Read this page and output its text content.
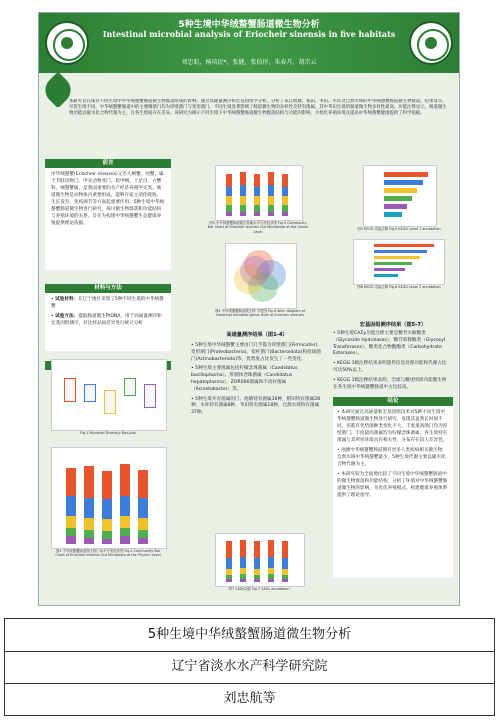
5种生境中华绒螯蟹肠道微生物分析
Intestinal microbial analysis of Eriocheir sinensis in five habitats
刘忠航，杨培民*，张健，张伯序，朱春月，胡宗云
本研究旨在探讨不同生境中中华绒螯蟹肠道微生物群落组成的影响。通过高通量测序和宏基因组学分析，分析了来自池塘、稻田、苇田、水库及自然水域的中华绒螯蟹肠道微生物群落。结果显示，尽管生境不同，中华绒螯蟹肠道中的主要细菌门均为厚壁菌门与变形菌门。不同生境显著影响了肠道微生物的多样性及特有菌属，其中苇田生境的肠道微生物多样性最高。功能注释显示，肠道微生物功能以碳水化合物代谢为主，且各生境间存在差异。该研究为揭示不同生境下中华绒螯蟹肠道微生物群落结构与功能的影响，为优化养殖环境及提高中华绒螯蟹健康提供了科学依据。
前言
中华绒螯蟹(Eriocheir sinensis)又名大闸蟹、河蟹，属于节肢动物门、甲壳动物亚门、软甲纲、十足目、方蟹科、绒螯蟹属，是我国重要的水产经济养殖甲壳类。肠道微生物是动物体内重要组成，能够在宿主消化吸收、生长发育、免疫调节等方面起重要作用。5种生境中华绒螯蟹肠道微生物进行研究，探讨微生物群落和功能结构与养殖环境的关系，旨在为构建中华绒螯蟹生态健康养殖提供理论依据。
材料与方法
• 试验材料：在辽宁地区采集了5种不同生境的中华绒螯蟹
• 试验方法：提取肠道微生物DNA，用于高通量测序和宏基因组测序，对比样品间差异进行统计分析
Fig.1 Microbial Diversity Box-plot
图2 中华绒螯蟹肠道微生物门水平分类柱状图 Fig.2 Community Bar Chart of Eriocheir sinensis Gut Microbiota at the Phylum Level
图3 中华绒螯蟹肠道微生物属水平分类柱状图 Fig.3 Community Bar Chart of Eriocheir sinensis Gut Microbiota at the Genus Level
图4 中华绒螯蟹肠道微生物 韦恩图 Fig.4 Venn diagram of intestinal microbial genus level of Eriocheir sinensis
图5 KEGG 功能注释 Fig.5 KEGG Level 1 annotation
图6 KEGG 功能注释 Fig.6 KEGG Level 2 annotation
图7 CAZy功能 Fig.7 CAZy annotation
高通量测序结果（图1-4）
• 5种生境中华绒螯蟹主要由门几乎都为厚壁菌门(Firmicutes)、变形菌门(Proteobacteria)、拟杆菌门(Bacteroidota)和放线菌门(Actinobacteriota)等，优势度占比发生了一些变化。
• 5种生境主要菌属包括柠檬念珠菌属（Candidatus bacilloplasma）、肝胰体念珠菌属（Candidatus hepatoplasma）、ZOR006菌属和不动杆菌属（Acinetobacter）等。
• 5种生境共有菌属的门、池塘特有菌属16种，稻田特有菌属28种，水库特有菌属8种，苇田特有菌属18种，自然水域特有菌属37种。
宏基因组测序结果（图5-7）
• 5种生境CAZy功能注释主要是糖苷水解酶类（Glycoside Hydrolases）、糖苷转移酶类（Glycosyl Transferases）、糖类化合物酯酶类（Carbohydrate Esterases）。
• KEGG 1级注释结果表明遗传信息处理功能和代谢占比可达50%以上。
• KEGG 1级注释结果表明，全球与概述图谱功能微生物在各生境中华绒螯蟹肠道中占比较高。
结论
• 本研究通过高通量和宏基因组技术对5种不同生境中华绒螯蟹肠道微生物进行研究，发现其虽然长时间不同，但都有优势菌种类变化不大，丰度最高菌门均为厚壁菌门，丰度最高菌属均为柠檬念珠菌属，各生境特有菌属与其所处环境具有相关性，分布存在较大差异性。
• 池塘中华绒螯蟹肠道拥有更多人类疾病相关微生物，自然水域中华绒螯蟹最少，5种生境代谢主要以碳水化合物代谢为主。
• 本研究较为全面地比较了不同生境中华绒螯蟹肠道中的微生物群落和功能结构，分析了环境对中华绒螯蟹肠道微生物的影响，为优化养殖模式、构建健康养殖体系提供了理论指导。
5种生境中华绒螯蟹肠道微生物分析
辽宁省淡水水产科学研究院
刘忠航等
